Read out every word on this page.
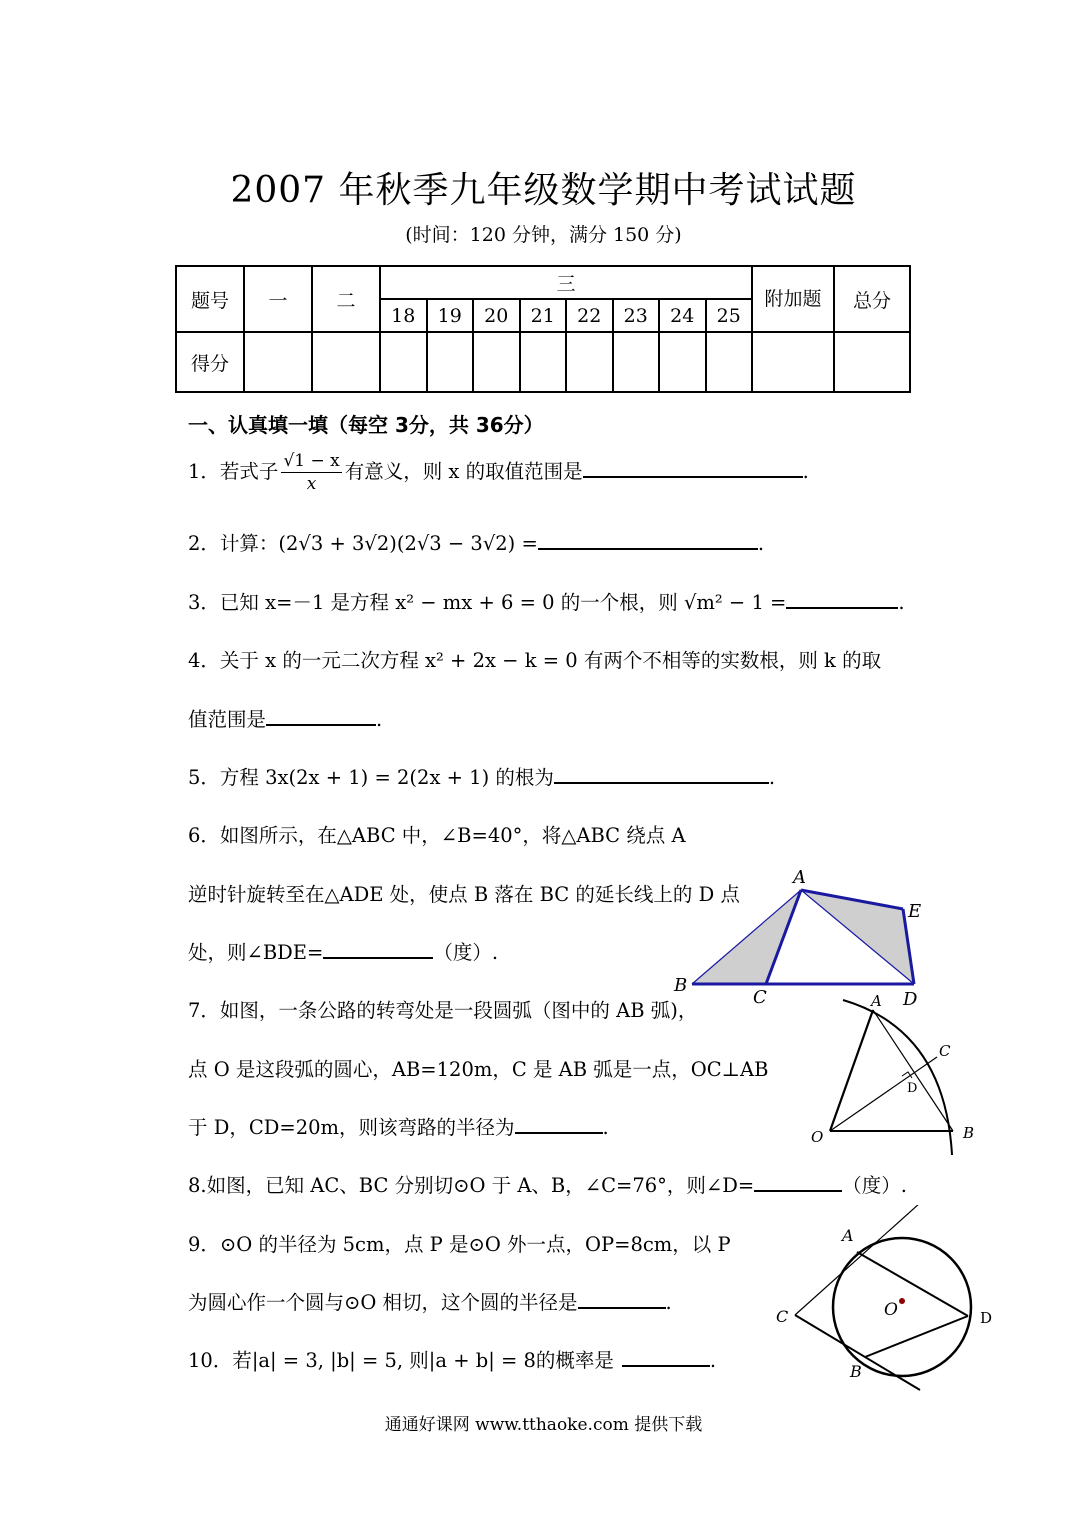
2007 年秋季九年级数学期中考试试题
(时间：120 分钟，满分 150 分)
题号	一	二	三								附加题	总分
			18	19	20	21	22	23	24	25		
得分												
一、认真填一填（每空 3分，共 36分）
1．若式子 $\frac{√1 - x}{x}$ 有意义，则 x 的取值范围是	.
2．计算：(2√3 + 3√2)(2√3 − 3√2) =	.
3．已知 x=－1 是方程 x² − mx + 6 = 0 的一个根，则 √m² − 1 =	.
4．关于 x 的一元二次方程 x² + 2x − k = 0 有两个不相等的实数根，则 k 的取
值范围是	.
5．方程 3x(2x + 1) = 2(2x + 1) 的根为	.
6．如图所示，在△ABC 中，∠B=40°，将△ABC 绕点 A
逆时针旋转至在△ADE 处，使点 B 落在 BC 的延长线上的 D 点
处，则∠BDE=	（度）.
7．如图，一条公路的转弯处是一段圆弧（图中的 AB 弧)，
点 O 是这段弧的圆心，AB=120m，C 是 AB 弧是一点，OC⊥AB
于 D，CD=20m，则该弯路的半径为	.
8.如图，已知 AC、BC 分别切⊙O 于 A、B，∠C=76°，则∠D=	（度）.
9．⊙O 的半径为 5cm，点 P 是⊙O 外一点，OP=8cm，以 P
为圆心作一个圆与⊙O 相切，这个圆的半径是	.
10．若|a| = 3, |b| = 5, 则|a + b| = 8的概率是	.
A
B
C	D
E
A
C
D
O	B
A
C
B
D
O
通通好课网 www.tthaoke.com 提供下载
